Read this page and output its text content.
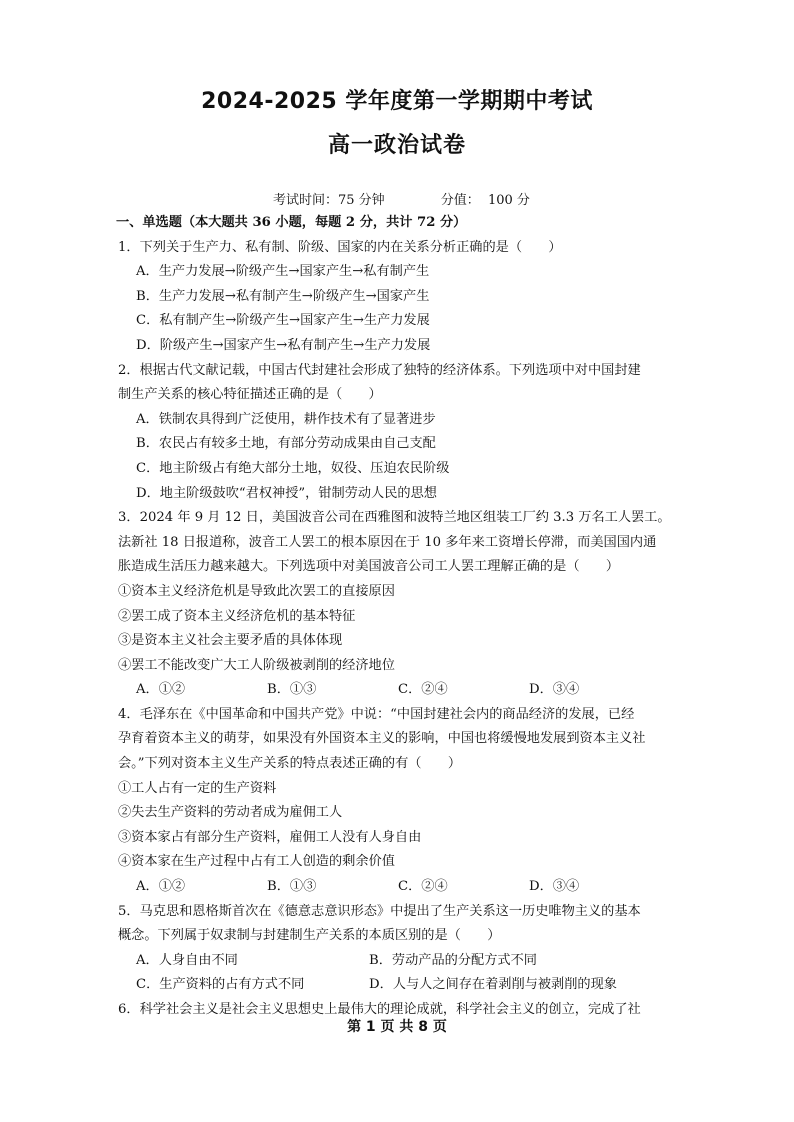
2024-2025 学年度第一学期期中考试
高一政治试卷
考试时间：75 分钟	分值：  100 分
一、单选题（本大题共 36 小题，每题 2 分，共计 72 分）
1．下列关于生产力、私有制、阶级、国家的内在关系分析正确的是（　　）
A．生产力发展→阶级产生→国家产生→私有制产生
B．生产力发展→私有制产生→阶级产生→国家产生
C．私有制产生→阶级产生→国家产生→生产力发展
D．阶级产生→国家产生→私有制产生→生产力发展
2．根据古代文献记载，中国古代封建社会形成了独特的经济体系。下列选项中对中国封建
制生产关系的核心特征描述正确的是（　　）
A．铁制农具得到广泛使用，耕作技术有了显著进步
B．农民占有较多土地，有部分劳动成果由自己支配
C．地主阶级占有绝大部分土地，奴役、压迫农民阶级
D．地主阶级鼓吹“君权神授”，钳制劳动人民的思想
3．2024 年 9 月 12 日，美国波音公司在西雅图和波特兰地区组装工厂约 3.3 万名工人罢工。
法新社 18 日报道称，波音工人罢工的根本原因在于 10 多年来工资增长停滞，而美国国内通
胀造成生活压力越来越大。下列选项中对美国波音公司工人罢工理解正确的是（　　）
①资本主义经济危机是导致此次罢工的直接原因
②罢工成了资本主义经济危机的基本特征
③是资本主义社会主要矛盾的具体体现
④罢工不能改变广大工人阶级被剥削的经济地位
A．①②	B．①③	C．②④	D．③④
4．毛泽东在《中国革命和中国共产党》中说：“中国封建社会内的商品经济的发展，已经
孕育着资本主义的萌芽，如果没有外国资本主义的影响，中国也将缓慢地发展到资本主义社
会。”下列对资本主义生产关系的特点表述正确的有（　　）
①工人占有一定的生产资料
②失去生产资料的劳动者成为雇佣工人
③资本家占有部分生产资料，雇佣工人没有人身自由
④资本家在生产过程中占有工人创造的剩余价值
A．①②	B．①③	C．②④	D．③④
5．马克思和恩格斯首次在《德意志意识形态》中提出了生产关系这一历史唯物主义的基本
概念。下列属于奴隶制与封建制生产关系的本质区别的是（　　）
A．人身自由不同	B．劳动产品的分配方式不同
C．生产资料的占有方式不同	D．人与人之间存在着剥削与被剥削的现象
6．科学社会主义是社会主义思想史上最伟大的理论成就，科学社会主义的创立，完成了社
第 1 页 共 8 页
